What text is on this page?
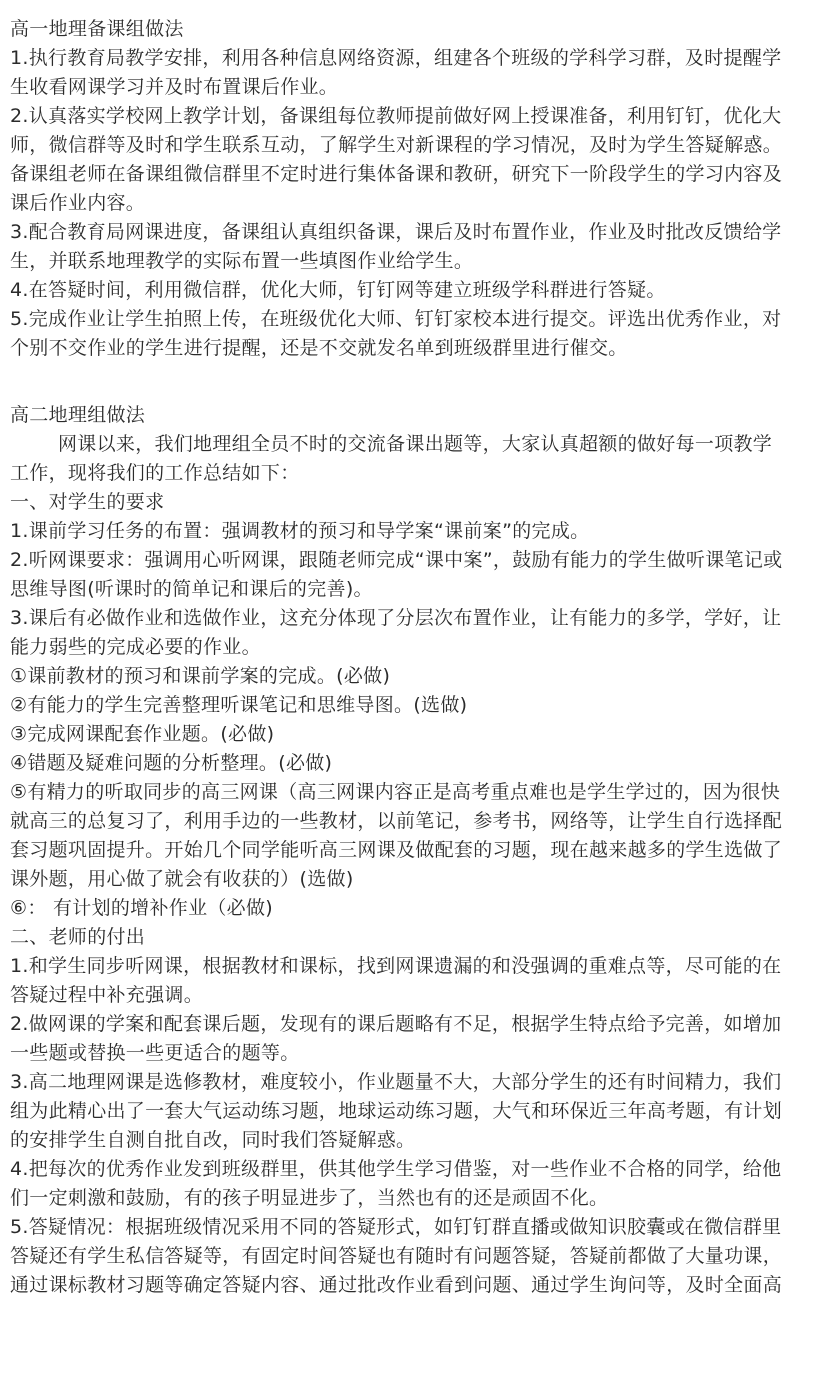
高一地理备课组做法
1.执行教育局教学安排，利用各种信息网络资源，组建各个班级的学科学习群，及时提醒学
生收看网课学习并及时布置课后作业。
2.认真落实学校网上教学计划，备课组每位教师提前做好网上授课准备，利用钉钉，优化大
师，微信群等及时和学生联系互动，了解学生对新课程的学习情况，及时为学生答疑解惑。
备课组老师在备课组微信群里不定时进行集体备课和教研，研究下一阶段学生的学习内容及
课后作业内容。
3.配合教育局网课进度，备课组认真组织备课，课后及时布置作业，作业及时批改反馈给学
生，并联系地理教学的实际布置一些填图作业给学生。
4.在答疑时间，利用微信群，优化大师，钉钉网等建立班级学科群进行答疑。
5.完成作业让学生拍照上传，在班级优化大师、钉钉家校本进行提交。评选出优秀作业，对
个别不交作业的学生进行提醒，还是不交就发名单到班级群里进行催交。
高二地理组做法
网课以来，我们地理组全员不时的交流备课出题等，大家认真超额的做好每一项教学
工作，现将我们的工作总结如下：
一、对学生的要求
1.课前学习任务的布置：强调教材的预习和导学案“课前案”的完成。
2.听网课要求：强调用心听网课，跟随老师完成“课中案”，鼓励有能力的学生做听课笔记或
思维导图(听课时的简单记和课后的完善)。
3.课后有必做作业和选做作业，这充分体现了分层次布置作业，让有能力的多学，学好，让
能力弱些的完成必要的作业。
①课前教材的预习和课前学案的完成。(必做)
②有能力的学生完善整理听课笔记和思维导图。(选做)
③完成网课配套作业题。(必做)
④错题及疑难问题的分析整理。(必做)
⑤有精力的听取同步的高三网课（高三网课内容正是高考重点难也是学生学过的，因为很快
就高三的总复习了，利用手边的一些教材，以前笔记，参考书，网络等，让学生自行选择配
套习题巩固提升。开始几个同学能听高三网课及做配套的习题，现在越来越多的学生选做了
课外题，用心做了就会有收获的）(选做)
⑥： 有计划的增补作业（必做)
二、老师的付出
1.和学生同步听网课，根据教材和课标，找到网课遗漏的和没强调的重难点等，尽可能的在
答疑过程中补充强调。
2.做网课的学案和配套课后题，发现有的课后题略有不足，根据学生特点给予完善，如增加
一些题或替换一些更适合的题等。
3.高二地理网课是选修教材，难度较小，作业题量不大，大部分学生的还有时间精力，我们
组为此精心出了一套大气运动练习题，地球运动练习题，大气和环保近三年高考题，有计划
的安排学生自测自批自改，同时我们答疑解惑。
4.把每次的优秀作业发到班级群里，供其他学生学习借鉴，对一些作业不合格的同学，给他
们一定刺激和鼓励，有的孩子明显进步了，当然也有的还是顽固不化。
5.答疑情况：根据班级情况采用不同的答疑形式，如钉钉群直播或做知识胶囊或在微信群里
答疑还有学生私信答疑等，有固定时间答疑也有随时有问题答疑，答疑前都做了大量功课，
通过课标教材习题等确定答疑内容、通过批改作业看到问题、通过学生询问等，及时全面高
